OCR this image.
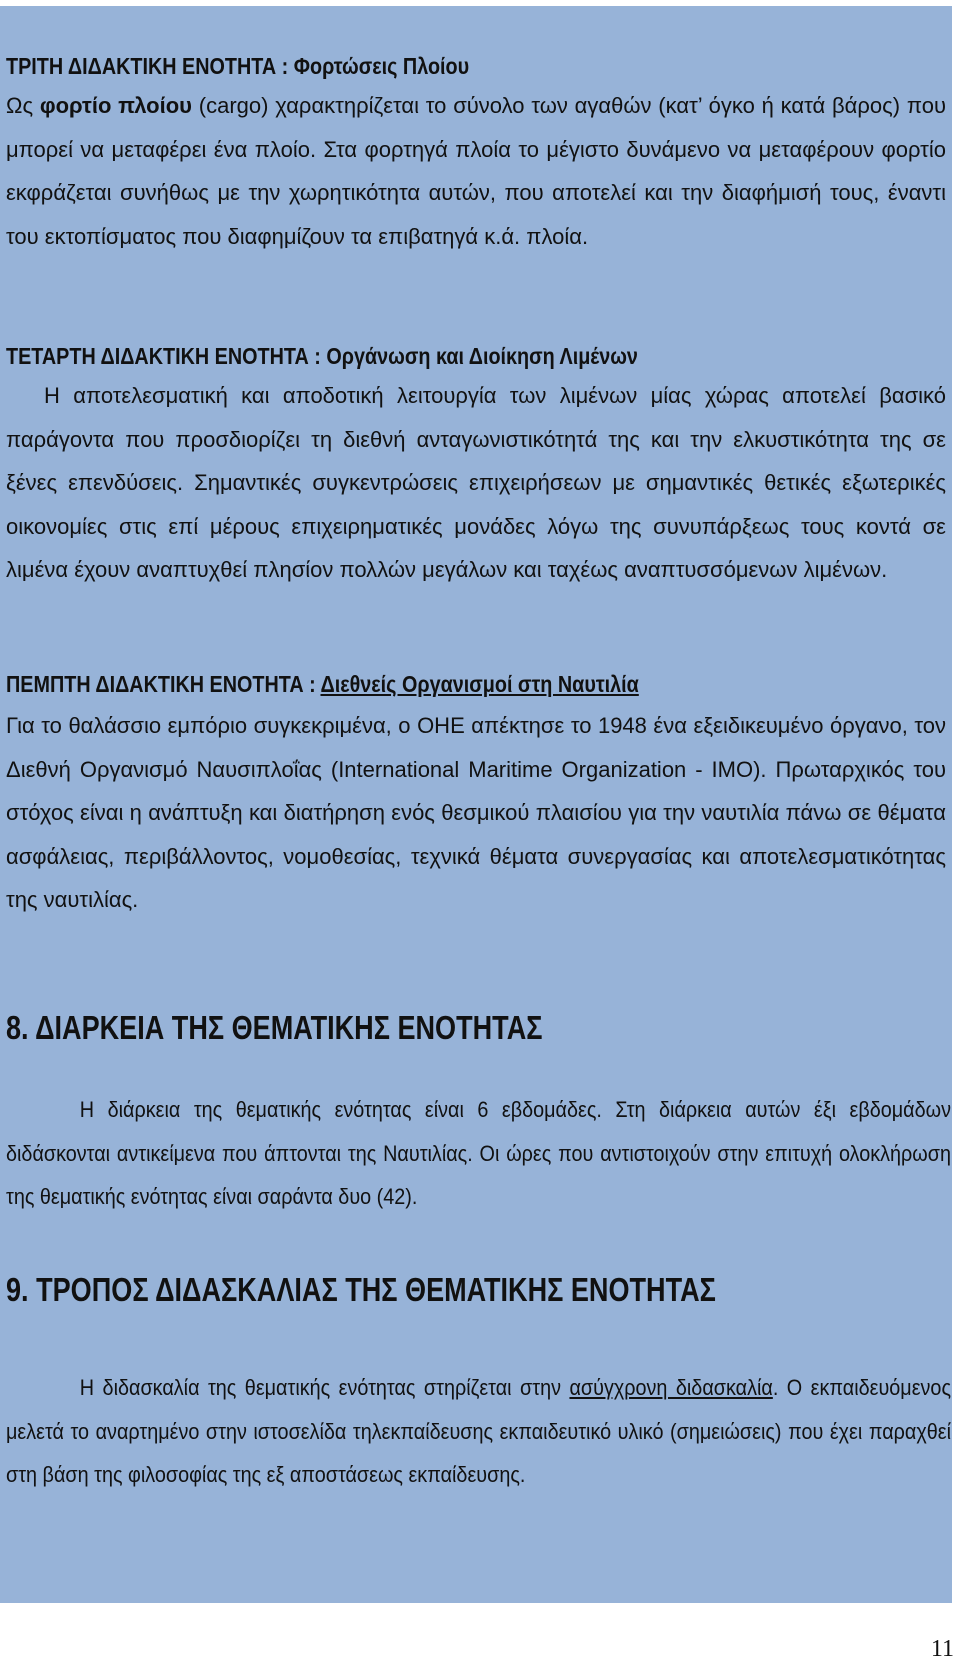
ΤΡΙΤΗ ΔΙΔΑΚΤΙΚΗ ΕΝΟΤΗΤΑ : Φορτώσεις Πλοίου

Ως φορτίο πλοίου (cargo) χαρακτηρίζεται το σύνολο των αγαθών (κατ’ όγκο ή κατά βάρος) που μπορεί να μεταφέρει ένα πλοίο. Στα φορτηγά πλοία το μέγιστο δυνάμενο να μεταφέρουν φορτίο εκφράζεται συνήθως με την χωρητικότητα αυτών, που αποτελεί και την διαφήμισή τους, έναντι του εκτοπίσματος που διαφημίζουν τα επιβατηγά κ.ά. πλοία.

ΤΕΤΑΡΤΗ ΔΙΔΑΚΤΙΚΗ ΕΝΟΤΗΤΑ : Οργάνωση και Διοίκηση Λιμένων

Η αποτελεσματική και αποδοτική λειτουργία των λιμένων μίας χώρας αποτελεί βασικό παράγοντα που προσδιορίζει τη διεθνή ανταγωνιστικότητά της και την ελκυστικότητα της σε ξένες επενδύσεις. Σημαντικές συγκεντρώσεις επιχειρήσεων με σημαντικές θετικές εξωτερικές οικονομίες στις επί μέρους επιχειρηματικές μονάδες λόγω της συνυπάρξεως τους κοντά σε λιμένα έχουν αναπτυχθεί πλησίον πολλών μεγάλων και ταχέως αναπτυσσόμενων λιμένων.

ΠΕΜΠΤΗ ΔΙΔΑΚΤΙΚΗ ΕΝΟΤΗΤΑ : Διεθνείς Οργανισμοί στη Ναυτιλία

Για το θαλάσσιο εμπόριο συγκεκριμένα, ο ΟΗΕ απέκτησε το 1948 ένα εξειδικευμένο όργανο, τον Διεθνή Οργανισμό Ναυσιπλοΐας (International Maritime Organization - IMO). Πρωταρχικός του στόχος είναι η ανάπτυξη και διατήρηση ενός θεσμικού πλαισίου για την ναυτιλία πάνω σε θέματα ασφάλειας, περιβάλλοντος, νομοθεσίας, τεχνικά θέματα συνεργασίας και αποτελεσματικότητας της ναυτιλίας.

8. ΔΙΑΡΚΕΙΑ ΤΗΣ ΘΕΜΑΤΙΚΗΣ ΕΝΟΤΗΤΑΣ

Η διάρκεια της θεματικής ενότητας είναι 6 εβδομάδες. Στη διάρκεια αυτών έξι εβδομάδων διδάσκονται αντικείμενα που άπτονται της Ναυτιλίας. Οι ώρες που αντιστοιχούν στην επιτυχή ολοκλήρωση της θεματικής ενότητας είναι σαράντα δυο (42).

9. ΤΡΟΠΟΣ ΔΙΔΑΣΚΑΛΙΑΣ ΤΗΣ ΘΕΜΑΤΙΚΗΣ ΕΝΟΤΗΤΑΣ

Η διδασκαλία της θεματικής ενότητας στηρίζεται στην ασύγχρονη διδασκαλία. Ο εκπαιδευόμενος μελετά το αναρτημένο στην ιστοσελίδα τηλεκπαίδευσης εκπαιδευτικό υλικό (σημειώσεις) που έχει παραχθεί στη βάση της φιλοσοφίας της εξ αποστάσεως εκπαίδευσης.

11
